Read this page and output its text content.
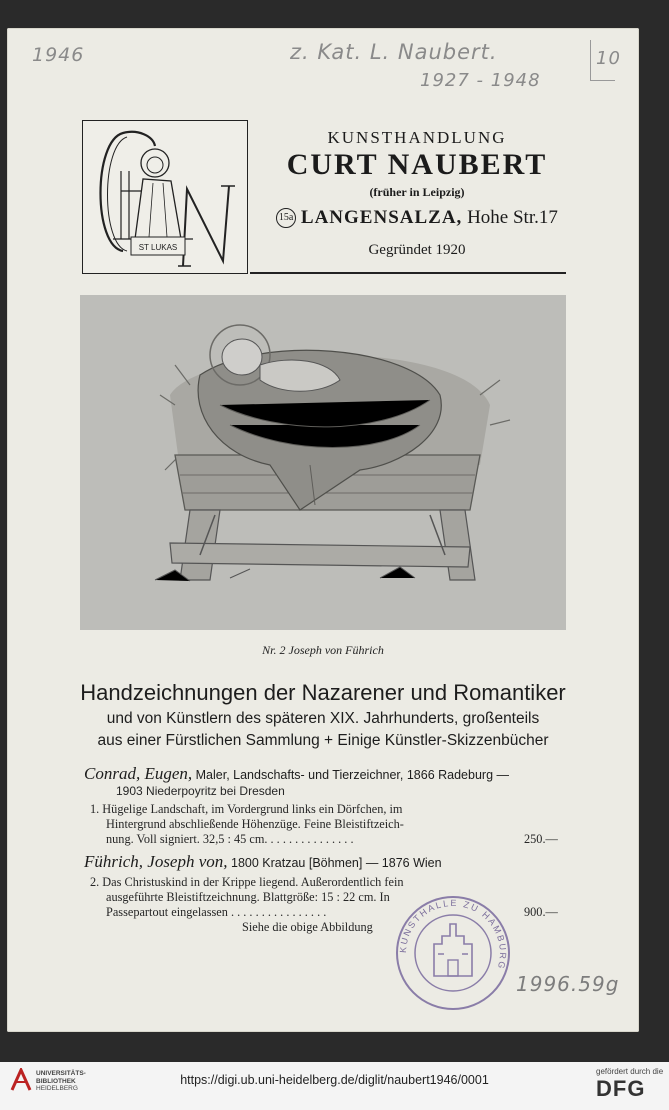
1946	z. Kat. L. Naubert.
1927 - 1948
10
ST LUKAS
KUNSTHANDLUNG
CURT NAUBERT
(früher in Leipzig)
15a LANGENSALZA, Hohe Str.17
Gegründet 1920
Nr. 2 Joseph von Führich
Handzeichnungen der Nazarener und Romantiker
und von Künstlern des späteren XIX. Jahrhunderts, großenteils
aus einer Fürstlichen Sammlung + Einige Künstler-Skizzenbücher
Conrad, Eugen, Maler, Landschafts- und Tierzeichner, 1866 Radeburg —
1903 Niederpoyritz bei Dresden
1. Hügelige Landschaft, im Vordergrund links ein Dörfchen, im
Hintergrund abschließende Höhenzüge. Feine Bleistiftzeich-
nung. Voll signiert. 32,5 : 45 cm. . . . . . . . . . . . . . .	250.—
Führich, Joseph von, 1800 Kratzau [Böhmen] — 1876 Wien
2. Das Christuskind in der Krippe liegend. Außerordentlich fein
ausgeführte Bleistiftzeichnung. Blattgröße: 15 : 22 cm. In
Passepartout eingelassen . . . . . . . . . . . . . . . .	900.—
Siehe die obige Abbildung
KUNSTHALLE ZU HAMBURG
1996.59g
UNIVERSITÄTS-
BIBLIOTHEK
HEIDELBERG
https://digi.ub.uni-heidelberg.de/diglit/naubert1946/0001
gefördert durch die
DFG
